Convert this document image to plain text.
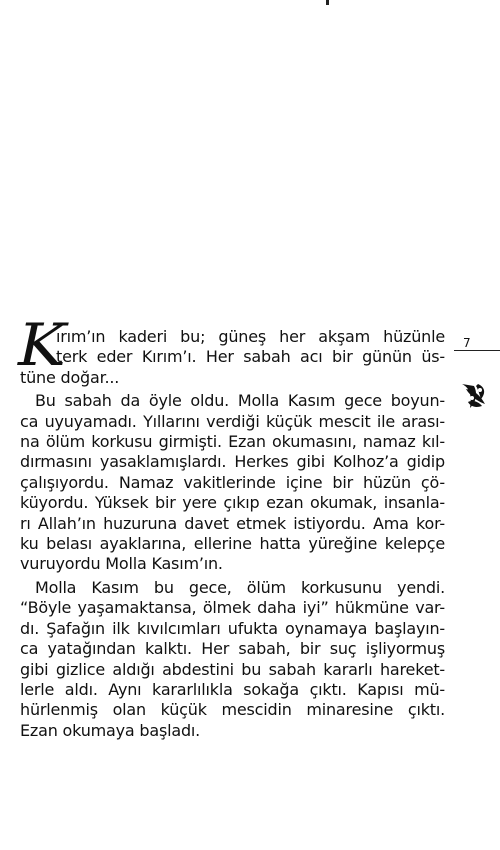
K
ırım’ın kaderi bu; güneş her akşam hüzünle
terk eder Kırım’ı. Her sabah acı bir günün üs-
tüne doğar...
Bu sabah da öyle oldu. Molla Kasım gece boyun-
ca uyuyamadı. Yıllarını verdiği küçük mescit ile arası-
na ölüm korkusu girmişti. Ezan okumasını, namaz kıl-
dırmasını yasaklamışlardı. Herkes gibi Kolhoz’a gidip
çalışıyordu. Namaz vakitlerinde içine bir hüzün çö-
küyordu. Yüksek bir yere çıkıp ezan okumak, insanla-
rı Allah’ın huzuruna davet etmek istiyordu. Ama kor-
ku belası ayaklarına, ellerine hatta yüreğine kelepçe
vuruyordu Molla Kasım’ın.
Molla Kasım bu gece, ölüm korkusunu yendi.
“Böyle yaşamaktansa, ölmek daha iyi” hükmüne var-
dı. Şafağın ilk kıvılcımları ufukta oynamaya başlayın-
ca yatağından kalktı. Her sabah, bir suç işliyormuş
gibi gizlice aldığı abdestini bu sabah kararlı hareket-
lerle aldı. Aynı kararlılıkla sokağa çıktı. Kapısı mü-
hürlenmiş olan küçük mescidin minaresine çıktı.
Ezan okumaya başladı.
7
